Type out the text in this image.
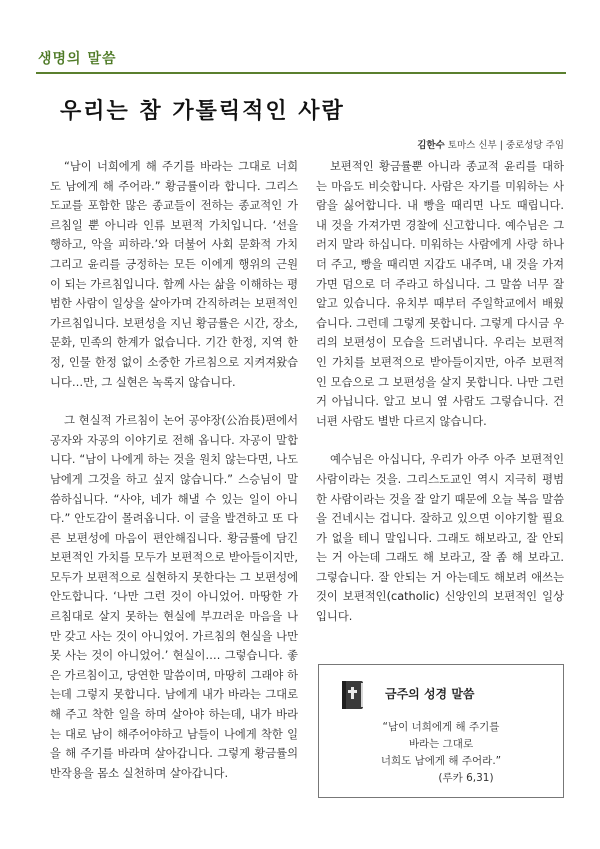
생명의 말씀
우리는 참 가톨릭적인 사람
김한수 토마스 신부 | 중로성당 주임

“남이 너희에게 해 주기를 바라는 그대로 너희도 남에게 해 주어라.” 황금률이라 합니다. 그리스도교를 포함한 많은 종교들이 전하는 종교적인 가르침일 뿐 아니라 인류 보편적 가치입니다. ‘선을 행하고, 악을 피하라.’와 더불어 사회 문화적 가치 그리고 윤리를 긍정하는 모든 이에게 행위의 근원이 되는 가르침입니다. 함께 사는 삶을 이해하는 평범한 사람이 일상을 살아가며 간직하려는 보편적인 가르침입니다. 보편성을 지닌 황금률은 시간, 장소, 문화, 민족의 한계가 없습니다. 기간 한정, 지역 한정, 인물 한정 없이 소중한 가르침으로 지켜져왔습니다…만, 그 실현은 녹록지 않습니다.

그 현실적 가르침이 논어 공야장(公冶長)편에서 공자와 자공의 이야기로 전해 옵니다. 자공이 말합니다. “남이 나에게 하는 것을 원치 않는다면, 나도 남에게 그것을 하고 싶지 않습니다.” 스승님이 말씀하십니다. “사야, 네가 해낼 수 있는 일이 아니다.” 안도감이 몰려옵니다. 이 글을 발견하고 또 다른 보편성에 마음이 편안해집니다. 황금률에 담긴 보편적인 가치를 모두가 보편적으로 받아들이지만, 모두가 보편적으로 실현하지 못한다는 그 보편성에 안도합니다. ‘나만 그런 것이 아니었어. 마땅한 가르침대로 살지 못하는 현실에 부끄러운 마음을 나만 갖고 사는 것이 아니었어. 가르침의 현실을 나만 못 사는 것이 아니었어.’ 현실이…. 그렇습니다. 좋은 가르침이고, 당연한 말씀이며, 마땅히 그래야 하는데 그렇지 못합니다. 남에게 내가 바라는 그대로 해 주고 착한 일을 하며 살아야 하는데, 내가 바라는 대로 남이 해주어야하고 남들이 나에게 착한 일을 해 주기를 바라며 살아갑니다. 그렇게 황금률의 반작용을 몸소 실천하며 살아갑니다.

보편적인 황금률뿐 아니라 종교적 윤리를 대하는 마음도 비슷합니다. 사람은 자기를 미워하는 사람을 싫어합니다. 내 빵을 때리면 나도 때립니다. 내 것을 가져가면 경찰에 신고합니다. 예수님은 그러지 말라 하십니다. 미워하는 사람에게 사랑 하나 더 주고, 빵을 때리면 지갑도 내주며, 내 것을 가져가면 덤으로 더 주라고 하십니다. 그 말씀 너무 잘 알고 있습니다. 유치부 때부터 주일학교에서 배웠습니다. 그런데 그렇게 못합니다. 그렇게 다시금 우리의 보편성이 모습을 드러냅니다. 우리는 보편적인 가치를 보편적으로 받아들이지만, 아주 보편적인 모습으로 그 보편성을 살지 못합니다. 나만 그런 거 아닙니다. 알고 보니 옆 사람도 그렇습니다. 건너편 사람도 별반 다르지 않습니다.

예수님은 아십니다, 우리가 아주 아주 보편적인 사람이라는 것을. 그리스도교인 역시 지극히 평범한 사람이라는 것을 잘 알기 때문에 오늘 복음 말씀을 건네시는 겁니다. 잘하고 있으면 이야기할 필요가 없을 테니 말입니다. 그래도 해보라고, 잘 안되는 거 아는데 그래도 해 보라고, 잘 좀 해 보라고. 그렇습니다. 잘 안되는 거 아는데도 해보려 애쓰는 것이 보편적인(catholic) 신앙인의 보편적인 일상입니다.

금주의 성경 말씀
“남이 너희에게 해 주기를
바라는 그대로
너희도 남에게 해 주어라.”
(루카 6,31)
